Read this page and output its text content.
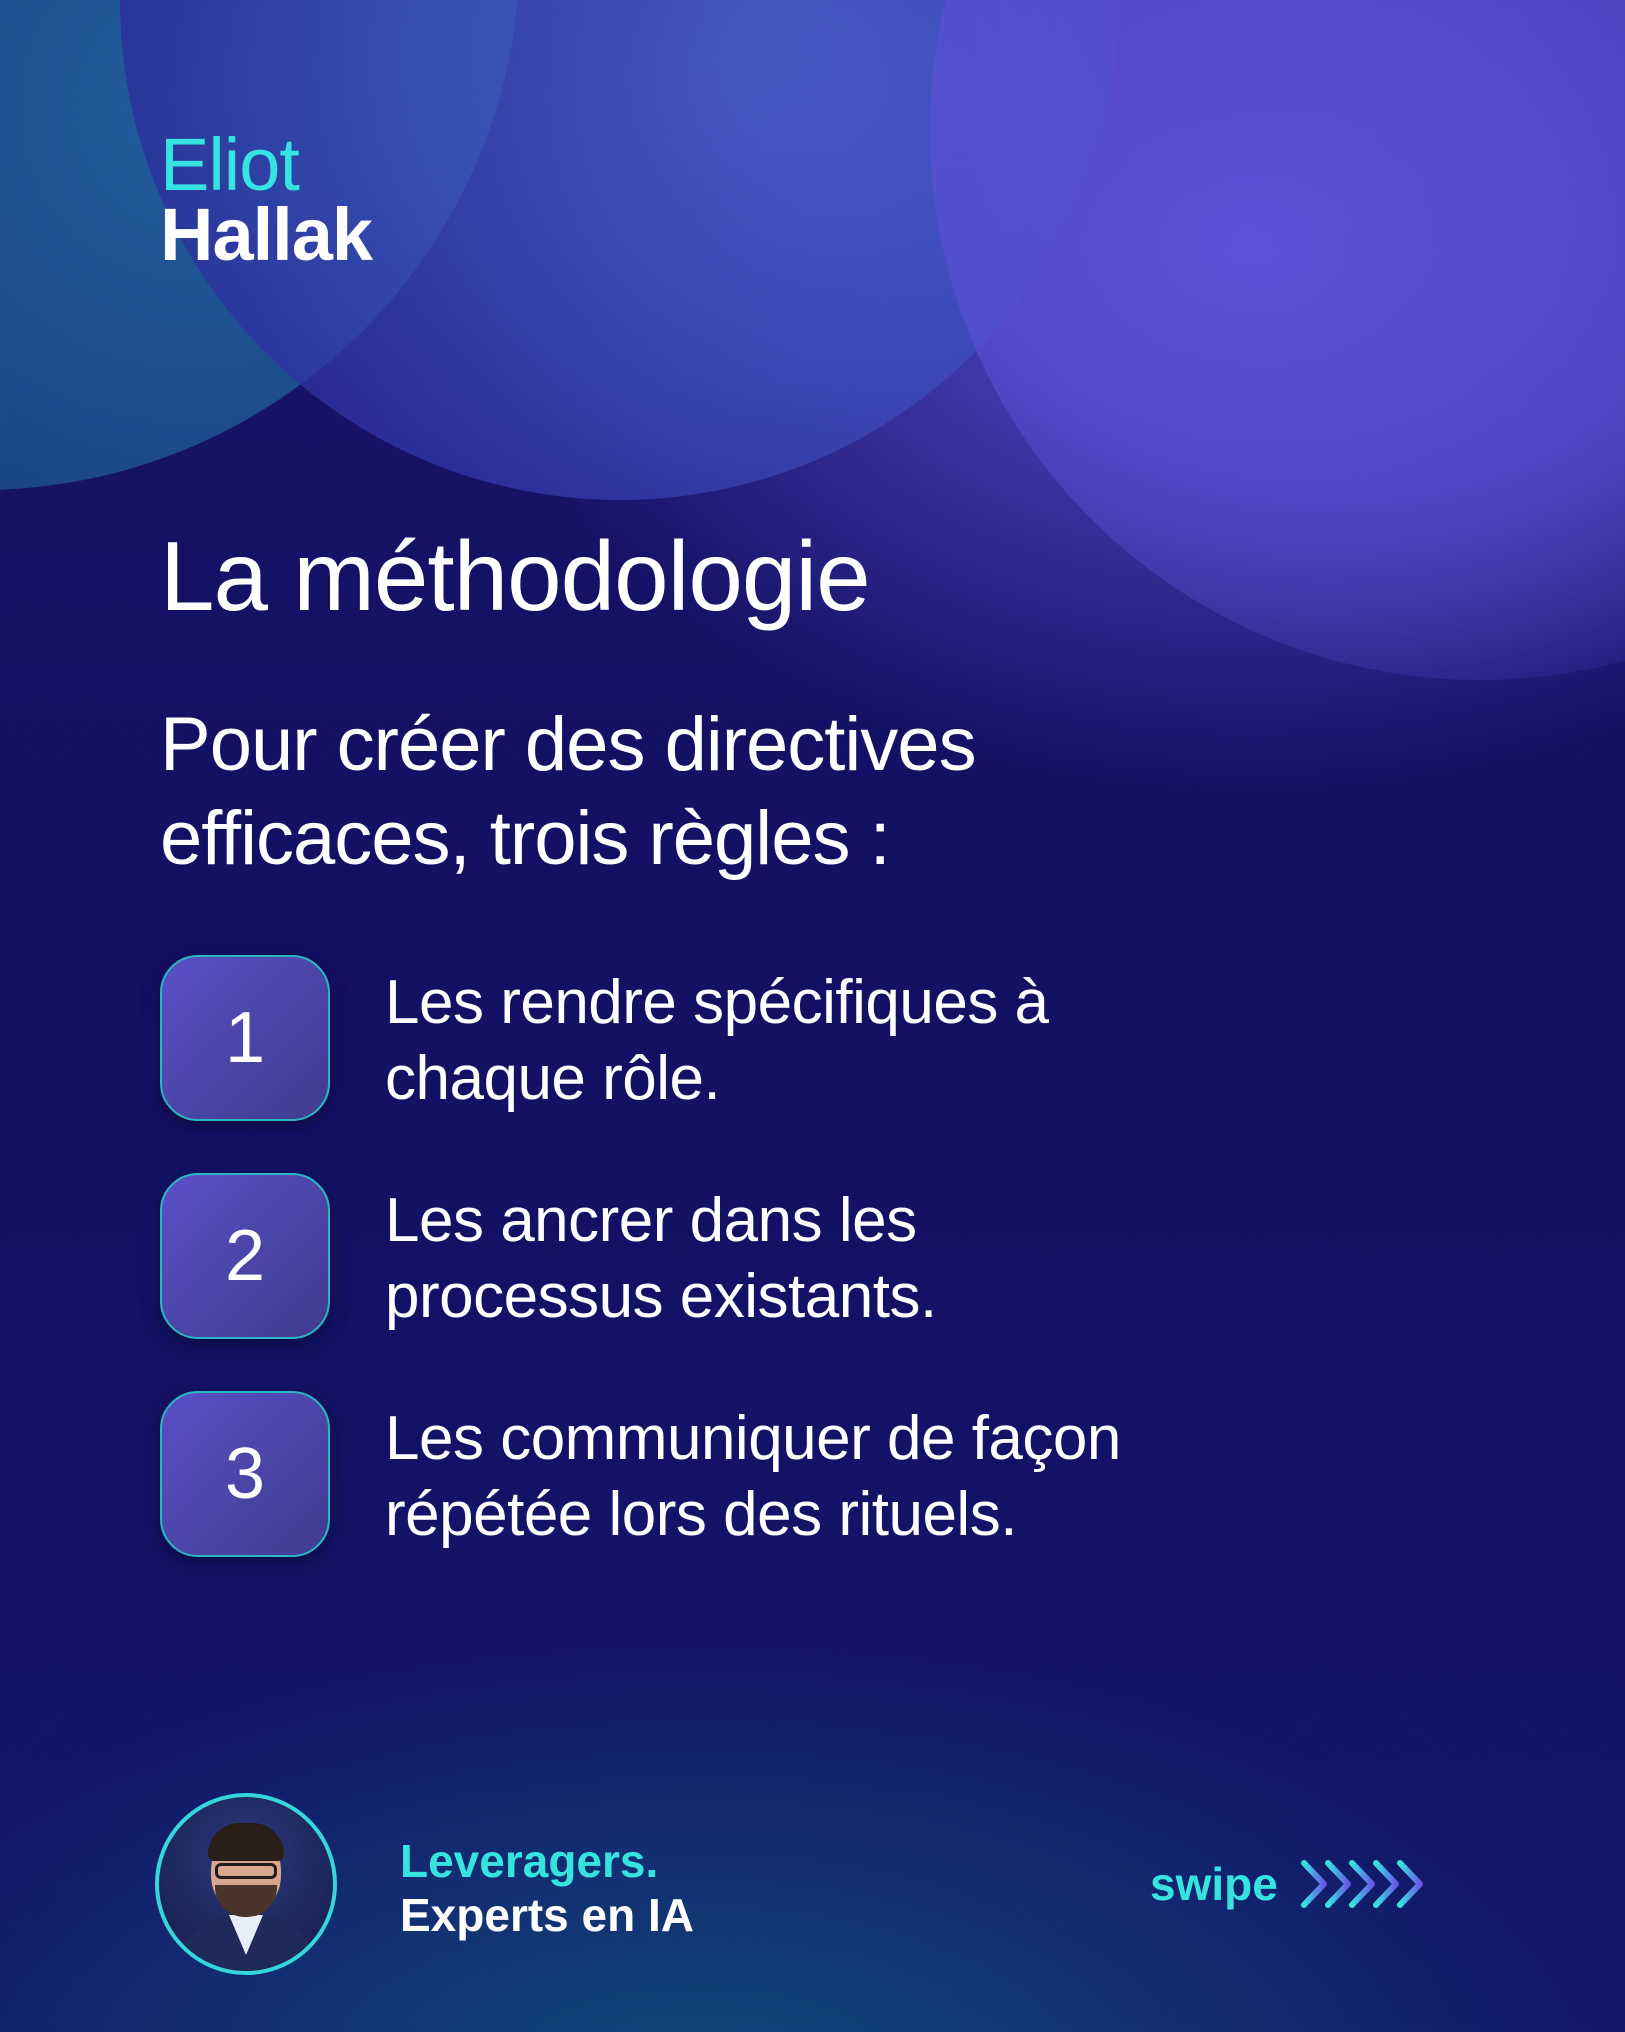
Eliot
Hallak
La méthodologie
Pour créer des directives
efficaces, trois règles :
1	Les rendre spécifiques à
chaque rôle.
2	Les ancrer dans les
processus existants.
3	Les communiquer de façon
répétée lors des rituels.
Leveragers.
Experts en IA
swipe
